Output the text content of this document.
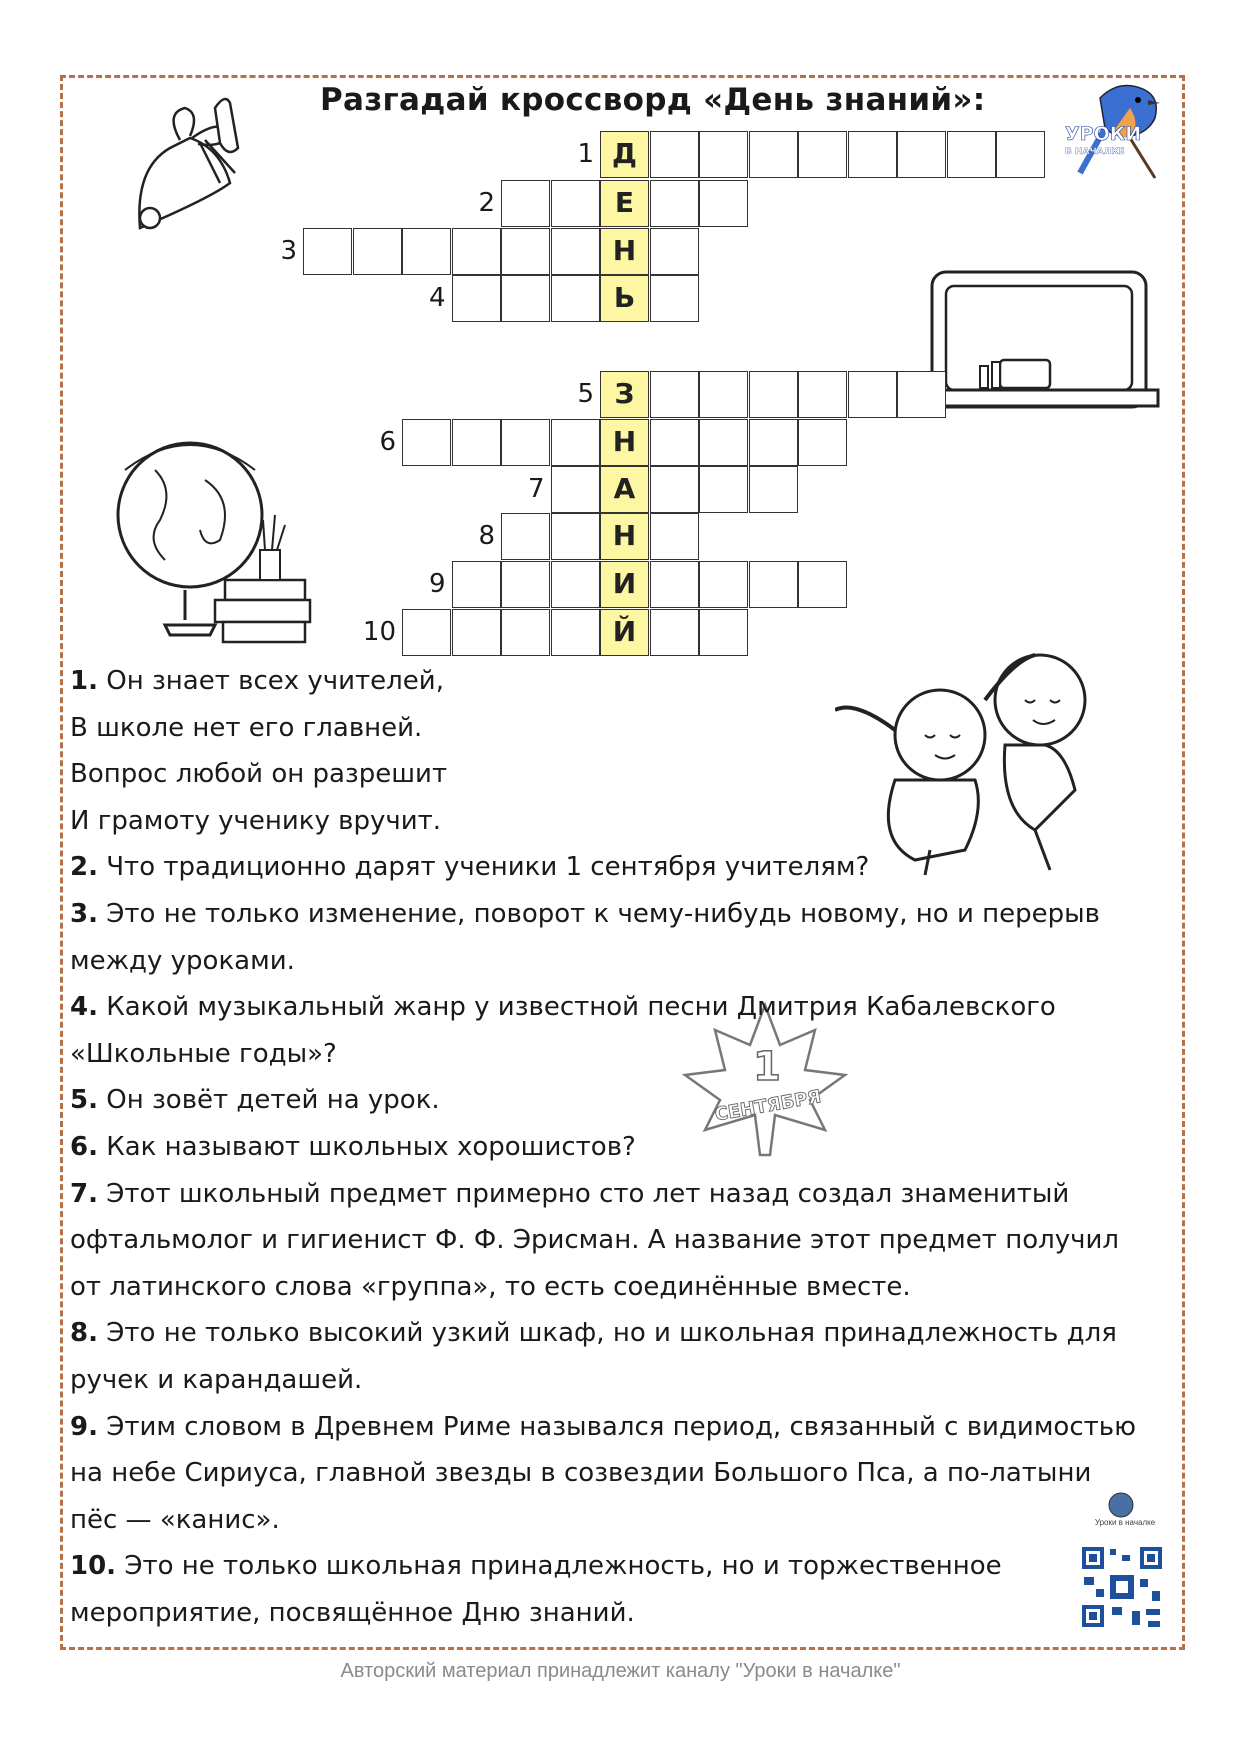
Разгадай кроссворд «День знаний»:
УРОКИ
В НАЧАЛКЕ
1
СЕНТЯБРЯ
Уроки в началке
1 Д
2	Е
3	Н
4	Ь
5 З
6	Н
7	А
8	Н
9	И
10	Й
1. Он знает всех учителей,
В школе нет его главней.
Вопрос любой он разрешит
И грамоту ученику вручит.
2. Что традиционно дарят ученики 1 сентября учителям?
3. Это не только изменение, поворот к чему-нибудь новому, но и перерыв
между уроками.
4. Какой музыкальный жанр у известной песни Дмитрия Кабалевского
«Школьные годы»?
5. Он зовёт детей на урок.
6. Как называют школьных хорошистов?
7. Этот школьный предмет примерно сто лет назад создал знаменитый
офтальмолог и гигиенист Ф. Ф. Эрисман. А название этот предмет получил
от латинского слова «группа», то есть соединённые вместе.
8. Это не только высокий узкий шкаф, но и школьная принадлежность для
ручек и карандашей.
9. Этим словом в Древнем Риме назывался период, связанный с видимостью
на небе Сириуса, главной звезды в созвездии Большого Пса, а по-латыни
пёс — «канис».
10. Это не только школьная принадлежность, но и торжественное
мероприятие, посвящённое Дню знаний.
Авторский материал принадлежит каналу "Уроки в началке"
